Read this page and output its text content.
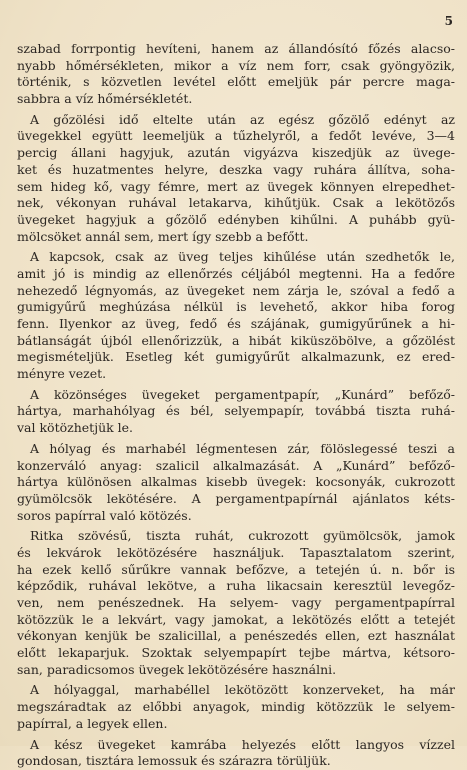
5
szabad forrpontig hevíteni, hanem az állandósító főzés alacso-
nyabb hőmérsékleten, mikor a víz nem forr, csak gyöngyözik,
történik, s közvetlen levétel előtt emeljük pár percre maga-
sabbra a víz hőmérsékletét.
A gőzölési idő eltelte után az egész gőzölő edényt az
üvegekkel együtt leemeljük a tűzhelyről, a fedőt levéve, 3—4
percig állani hagyjuk, azután vigyázva kiszedjük az üvege-
ket és huzatmentes helyre, deszka vagy ruhára állítva, soha-
sem hideg kő, vagy fémre, mert az üvegek könnyen elrepedhet-
nek, vékonyan ruhával letakarva, kihűtjük. Csak a lekötözős
üvegeket hagyjuk a gőzölő edényben kihűlni. A puhább gyü-
mölcsöket annál sem, mert így szebb a befőtt.
A kapcsok, csak az üveg teljes kihűlése után szedhetők le,
amit jó is mindig az ellenőrzés céljából megtenni. Ha a fedőre
nehezedő légnyomás, az üvegeket nem zárja le, szóval a fedő a
gumigyűrű meghúzása nélkül is levehető, akkor hiba forog
fenn. Ilyenkor az üveg, fedő és szájának, gumigyűrűnek a hi-
bátlanságát újból ellenőrizzük, a hibát kiküszöbölve, a gőzölést
megismételjük. Esetleg két gumigyűrűt alkalmazunk, ez ered-
ményre vezet.
A közönséges üvegeket pergamentpapír, „Kunárd” befőző-
hártya, marhahólyag és bél, selyempapír, továbbá tiszta ruhá-
val kötözhetjük le.
A hólyag és marhabél légmentesen zár, fölöslegessé teszi a
konzerváló anyag: szalicil alkalmazását. A „Kunárd” befőző-
hártya különösen alkalmas kisebb üvegek: kocsonyák, cukrozott
gyümölcsök lekötésére. A pergamentpapírnál ajánlatos kéts-
soros papírral való kötözés.
Ritka szövésű, tiszta ruhát, cukrozott gyümölcsök, jamok
és lekvárok lekötözésére használjuk. Tapasztalatom szerint,
ha ezek kellő sűrűkre vannak befőzve, a tetején ú. n. bőr is
képződik, ruhával lekötve, a ruha likacsain keresztül levegőz-
ven, nem penészednek. Ha selyem- vagy pergamentpapírral
kötözzük le a lekvárt, vagy jamokat, a lekötözés előtt a tetejét
vékonyan kenjük be szalicillal, a penészedés ellen, ezt használat
előtt lekaparjuk. Szoktak selyempapírt tejbe mártva, kétsoro-
san, paradicsomos üvegek lekötözésére használni.
A hólyaggal, marhabéllel lekötözött konzerveket, ha már
megszáradtak az előbbi anyagok, mindig kötözzük le selyem-
papírral, a legyek ellen.
A kész üvegeket kamrába helyezés előtt langyos vízzel
gondosan, tisztára lemossuk és szárazra törüljük.
